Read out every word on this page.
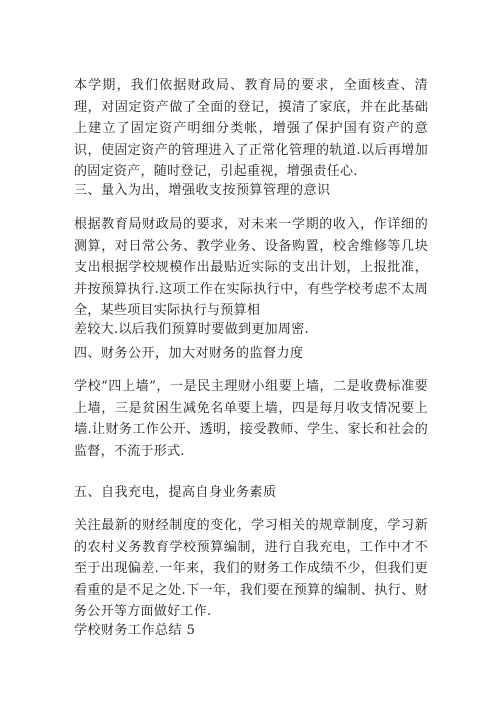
本学期，我们依据财政局、教育局的要求，全面核查、清理，对固定资产做了全面的登记，摸清了家底，并在此基础上建立了固定资产明细分类帐，增强了保护国有资产的意识，使固定资产的管理进入了正常化管理的轨道.以后再增加的固定资产，随时登记，引起重视，增强责任心.

三、量入为出，增强收支按预算管理的意识

根据教育局财政局的要求，对未来一学期的收入，作详细的测算，对日常公务、教学业务、设备购置，校舍维修等几块支出根据学校规模作出最贴近实际的支出计划，上报批准，并按预算执行.这项工作在实际执行中，有些学校考虑不太周全，某些项目实际执行与预算相

差较大.以后我们预算时要做到更加周密.

四、财务公开，加大对财务的监督力度

学校“四上墙”，一是民主理财小组要上墙，二是收费标准要上墙，三是贫困生减免名单要上墙，四是每月收支情况要上墙.让财务工作公开、透明，接受教师、学生、家长和社会的监督，不流于形式.

五、自我充电，提高自身业务素质

关注最新的财经制度的变化，学习相关的规章制度，学习新的农村义务教育学校预算编制，进行自我充电，工作中才不至于出现偏差.一年来，我们的财务工作成绩不少，但我们更看重的是不足之处.下一年，我们要在预算的编制、执行、财务公开等方面做好工作.

学校财务工作总结 5
